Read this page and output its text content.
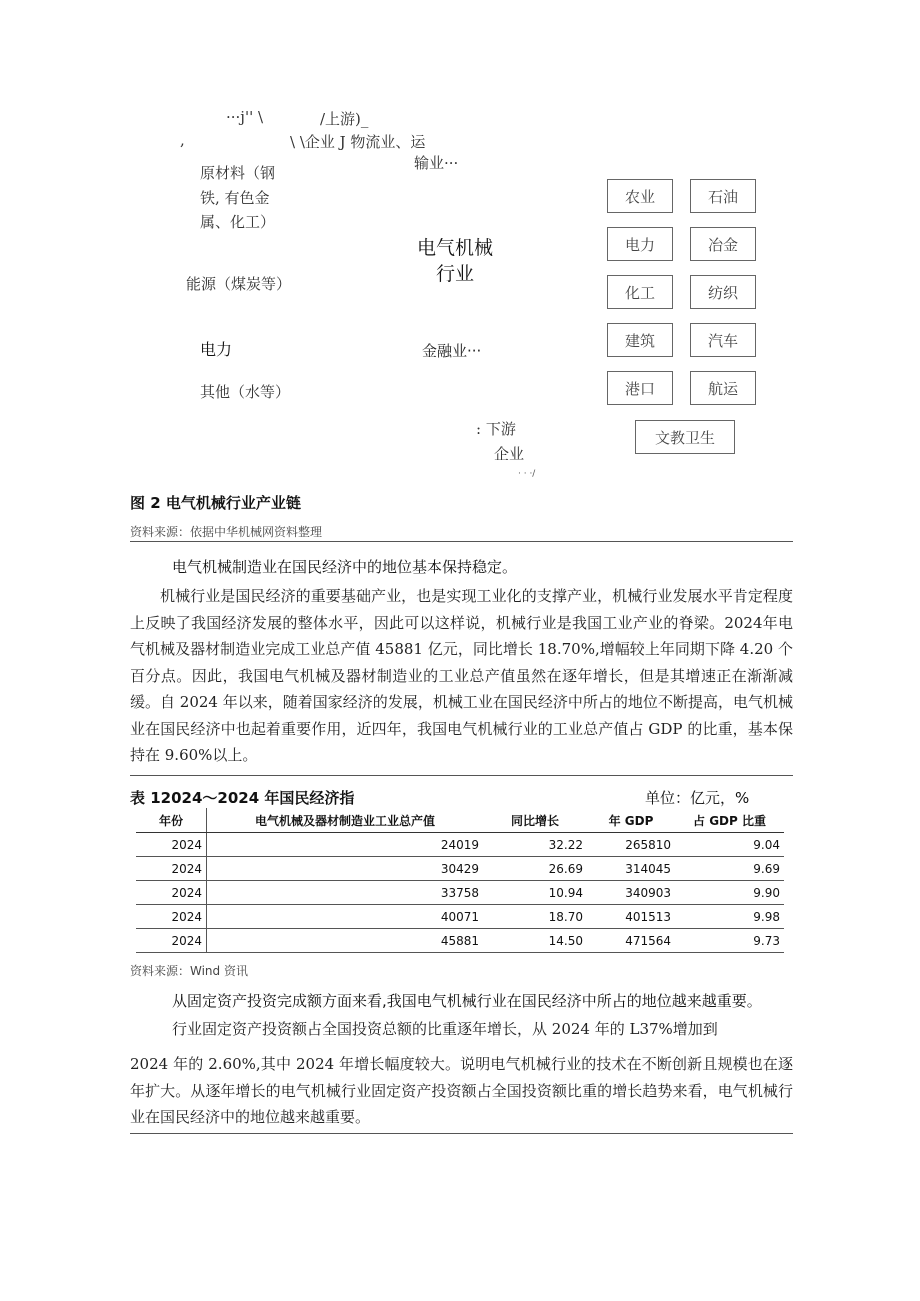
···j'' \	/上游)_
,	\ \企业 J 物流业、运
输业···
原材料（钢
铁, 有色金
属、化工）
电气机械
行业
能源（煤炭等）
电力	金融业···
其他（水等）
: 下游
企业
· · ·/
农业	石油
电力	冶金
化工	纺织
建筑	汽车
港口	航运
文教卫生
图 2 电气机械行业产业链
资料来源：依据中华机械网资料整理
电气机械制造业在国民经济中的地位基本保持稳定。

机械行业是国民经济的重要基础产业，也是实现工业化的支撑产业，机械行业发展水平肯定程度上反映了我国经济发展的整体水平，因此可以这样说，机械行业是我国工业产业的脊梁。2024年电气机械及器材制造业完成工业总产值 45881 亿元，同比增长 18.70%,增幅较上年同期下降 4.20 个百分点。因此，我国电气机械及器材制造业的工业总产值虽然在逐年增长，但是其增速正在渐渐减缓。自 2024 年以来，随着国家经济的发展，机械工业在国民经济中所占的地位不断提高，电气机械业在国民经济中也起着重要作用，近四年，我国电气机械行业的工业总产值占 GDP 的比重，基本保持在 9.60%以上。

表 12024～2024 年国民经济指	单位：亿元，%
年份	电气机械及器材制造业工业总产值	同比增长	年 GDP	占 GDP 比重
2024	24019	32.22	265810	9.04
2024	30429	26.69	314045	9.69
2024	33758	10.94	340903	9.90
2024	40071	18.70	401513	9.98
2024	45881	14.50	471564	9.73
资料来源：Wind 资讯
从固定资产投资完成额方面来看,我国电气机械行业在国民经济中所占的地位越来越重要。
行业固定资产投资额占全国投资总额的比重逐年增长，从 2024 年的 L37%增加到

2024 年的 2.60%,其中 2024 年增长幅度较大。说明电气机械行业的技术在不断创新且规模也在逐年扩大。从逐年增长的电气机械行业固定资产投资额占全国投资额比重的增长趋势来看，电气机械行业在国民经济中的地位越来越重要。
